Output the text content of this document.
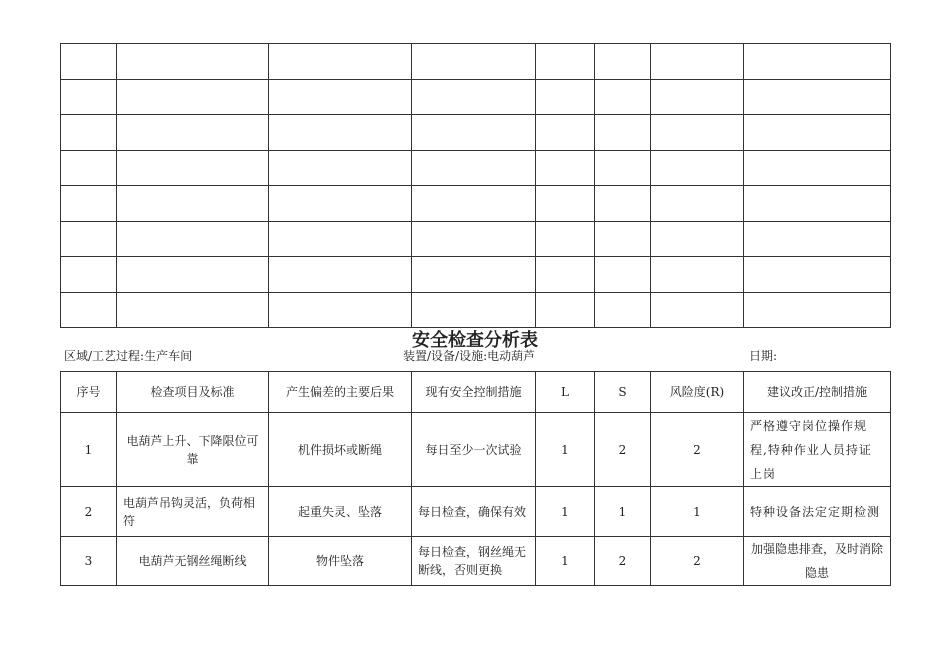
安全检查分析表
区域/工艺过程:生产车间	装置/设备/设施:电动葫芦	日期:
序号	检查项目及标准	产生偏差的主要后果	现有安全控制措施	L	S	风险度(R)	建议改正/控制措施
1	电葫芦上升、下降限位可靠	机件损坏或断绳	每日至少一次试验	1	2	2	严格遵守岗位操作规程,特种作业人员持证上岗
2	电葫芦吊钩灵活，负荷相符	起重失灵、坠落	每日检查，确保有效	1	1	1	特种设备法定定期检测
3	电葫芦无钢丝绳断线	物件坠落	每日检查，钢丝绳无断线，否则更换	1	2	2	加强隐患排查，及时消除隐患
